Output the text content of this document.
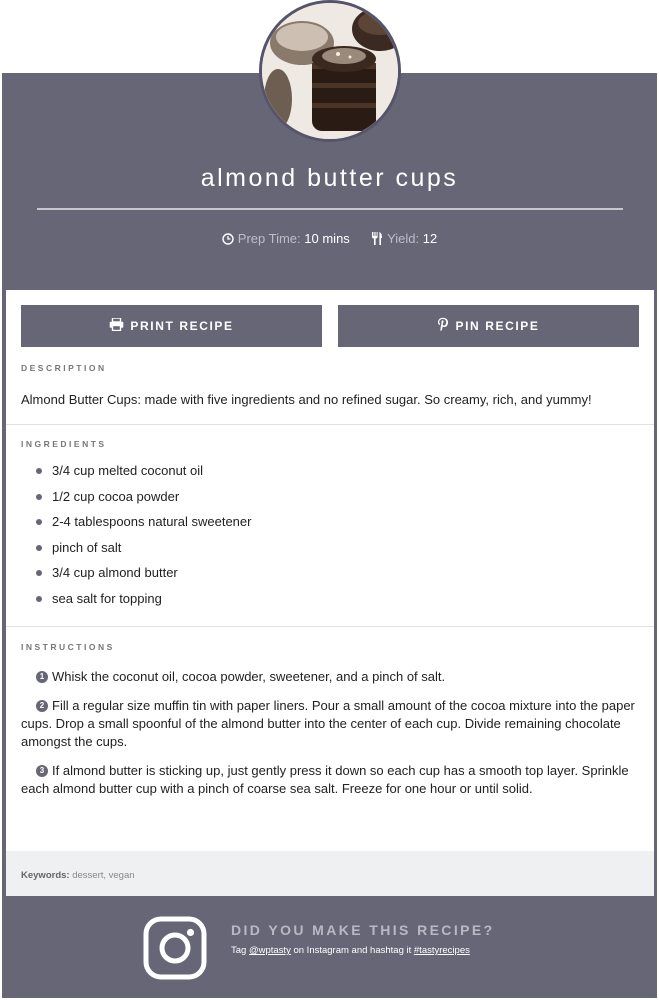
almond butter cups
Prep Time: 10 mins	Yield: 12
PRINT RECIPE	PIN RECIPE
DESCRIPTION
Almond Butter Cups: made with five ingredients and no refined sugar. So creamy, rich, and yummy!
INGREDIENTS
3/4 cup melted coconut oil
1/2 cup cocoa powder
2-4 tablespoons natural sweetener
pinch of salt
3/4 cup almond butter
sea salt for topping
INSTRUCTIONS
1 Whisk the coconut oil, cocoa powder, sweetener, and a pinch of salt.
2 Fill a regular size muffin tin with paper liners. Pour a small amount of the cocoa mixture into the paper cups. Drop a small spoonful of the almond butter into the center of each cup. Divide remaining chocolate amongst the cups.
3 If almond butter is sticking up, just gently press it down so each cup has a smooth top layer. Sprinkle each almond butter cup with a pinch of coarse sea salt. Freeze for one hour or until solid.
Keywords: dessert, vegan
DID YOU MAKE THIS RECIPE?
Tag @wptasty on Instagram and hashtag it #tastyrecipes
